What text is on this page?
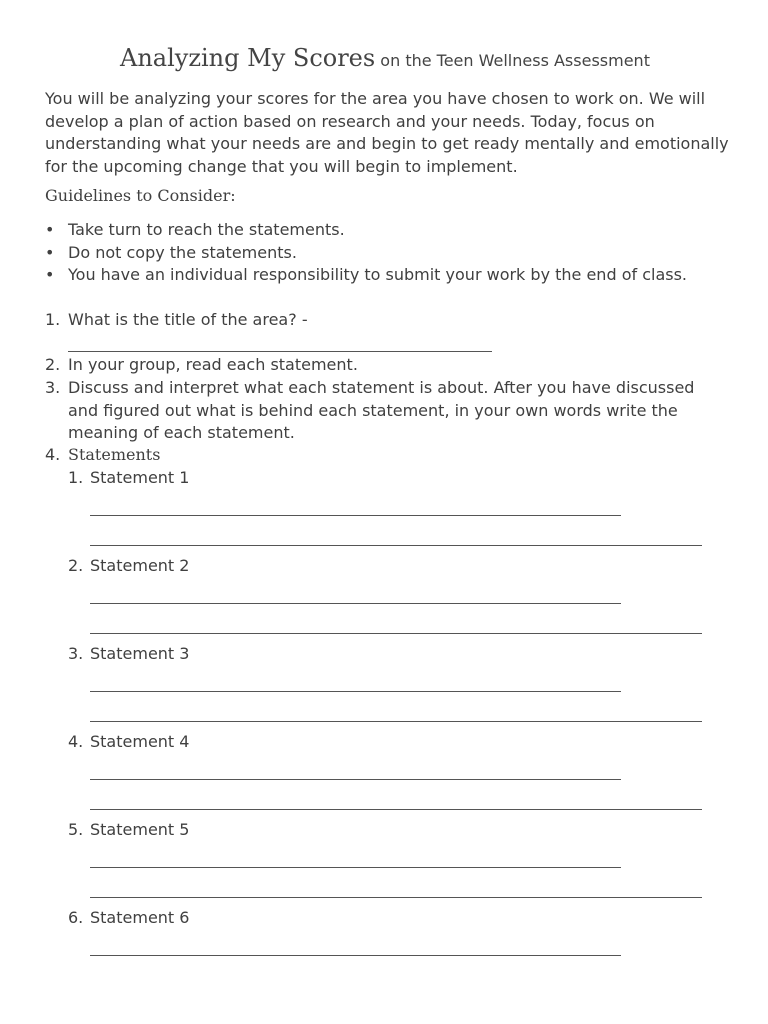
Analyzing My Scores on the Teen Wellness Assessment

You will be analyzing your scores for the area you have chosen to work on. We will develop a plan of action based on research and your needs. Today, focus on understanding what your needs are and begin to get ready mentally and emotionally for the upcoming change that you will begin to implement.

Guidelines to Consider:

• Take turn to reach the statements.
• Do not copy the statements.
• You have an individual responsibility to submit your work by the end of class.
1. What is the title of the area? -
2. In your group, read each statement.
3. Discuss and interpret what each statement is about. After you have discussed and figured out what is behind each statement, in your own words write the meaning of each statement.
4. Statements
1. Statement 1
2. Statement 2
3. Statement 3
4. Statement 4
5. Statement 5
6. Statement 6
